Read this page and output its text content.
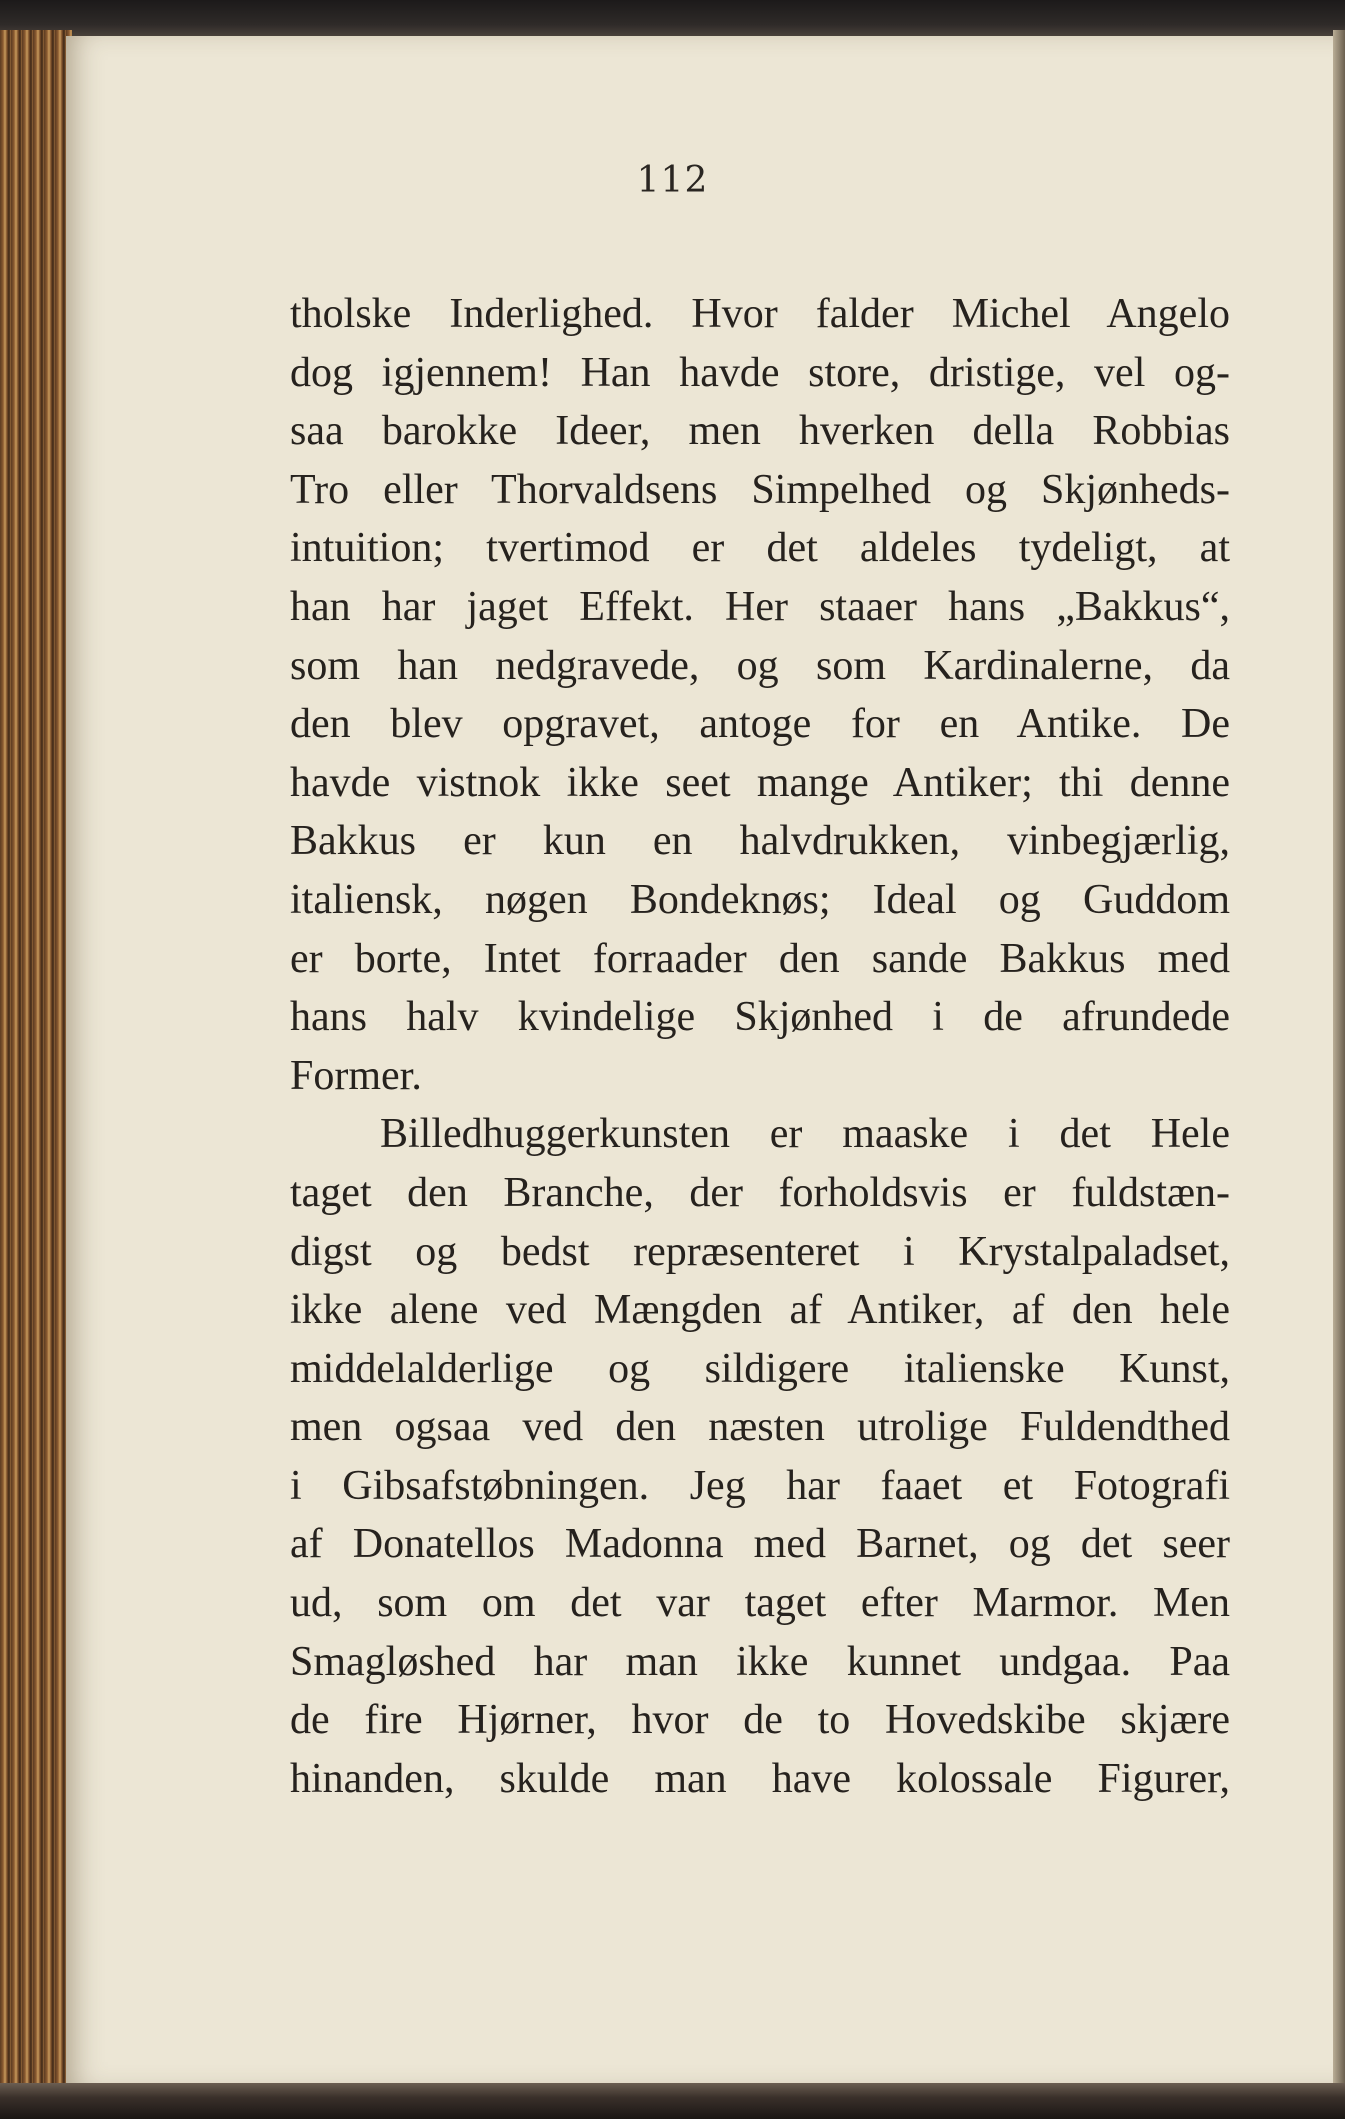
112
tholske Inderlighed. Hvor falder Michel Angelo
dog igjennem! Han havde store, dristige, vel og-
saa barokke Ideer, men hverken della Robbias
Tro eller Thorvaldsens Simpelhed og Skjønheds-
intuition; tvertimod er det aldeles tydeligt, at
han har jaget Effekt. Her staaer hans „Bakkus“,
som han nedgravede, og som Kardinalerne, da
den blev opgravet, antoge for en Antike. De
havde vistnok ikke seet mange Antiker; thi denne
Bakkus er kun en halvdrukken, vinbegjærlig,
italiensk, nøgen Bondeknøs; Ideal og Guddom
er borte, Intet forraader den sande Bakkus med
hans halv kvindelige Skjønhed i de afrundede
Former.
Billedhuggerkunsten er maaske i det Hele
taget den Branche, der forholdsvis er fuldstæn-
digst og bedst repræsenteret i Krystalpaladset,
ikke alene ved Mængden af Antiker, af den hele
middelalderlige og sildigere italienske Kunst,
men ogsaa ved den næsten utrolige Fuldendthed
i Gibsafstøbningen. Jeg har faaet et Fotografi
af Donatellos Madonna med Barnet, og det seer
ud, som om det var taget efter Marmor. Men
Smagløshed har man ikke kunnet undgaa. Paa
de fire Hjørner, hvor de to Hovedskibe skjære
hinanden, skulde man have kolossale Figurer,
